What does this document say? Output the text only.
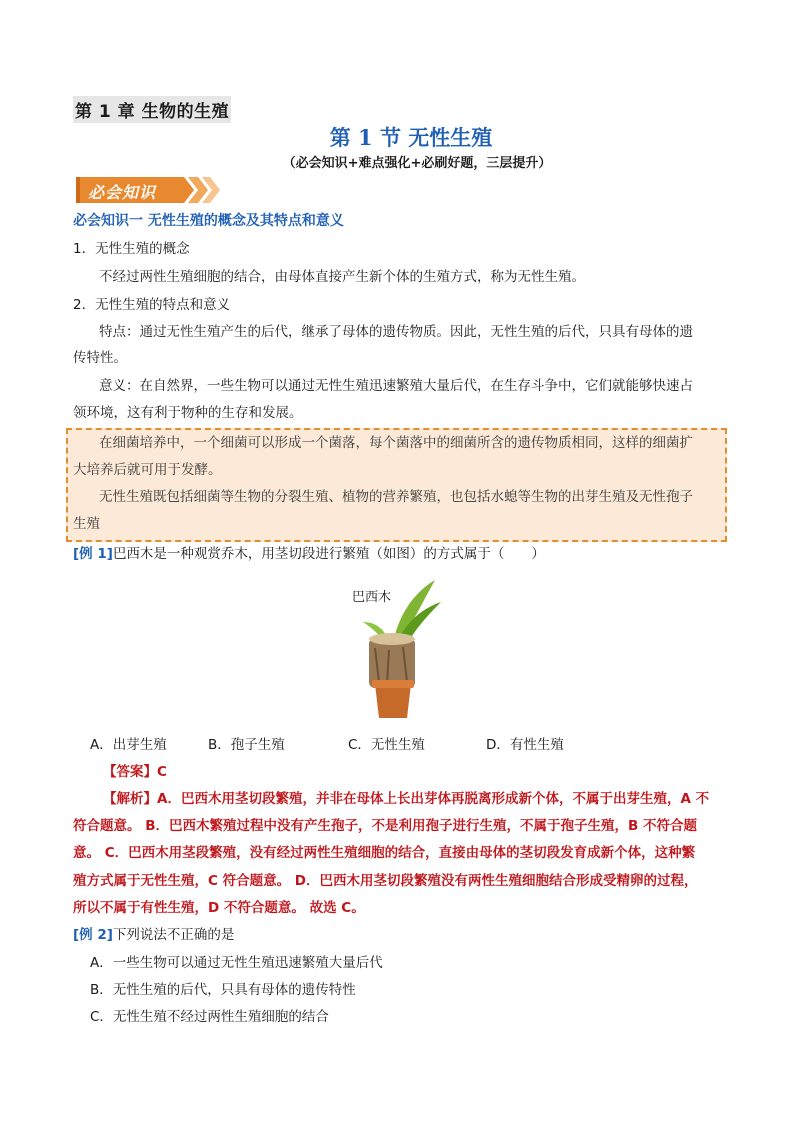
第 1 章 生物的生殖
第 1 节 无性生殖
（必会知识+难点强化+必刷好题，三层提升）
必会知识
必会知识一 无性生殖的概念及其特点和意义
1．无性生殖的概念
不经过两性生殖细胞的结合，由母体直接产生新个体的生殖方式，称为无性生殖。
2．无性生殖的特点和意义
特点：通过无性生殖产生的后代，继承了母体的遗传物质。因此，无性生殖的后代，只具有母体的遗
传特性。
意义：在自然界，一些生物可以通过无性生殖迅速繁殖大量后代，在生存斗争中，它们就能够快速占
领环境，这有利于物种的生存和发展。
在细菌培养中，一个细菌可以形成一个菌落，每个菌落中的细菌所含的遗传物质相同，这样的细菌扩
大培养后就可用于发酵。
无性生殖既包括细菌等生物的分裂生殖、植物的营养繁殖，也包括水螅等生物的出芽生殖及无性孢子
生殖
[例 1]巴西木是一种观赏乔木，用茎切段进行繁殖（如图）的方式属于（　　）
巴西木
A．出芽生殖	B．孢子生殖	C．无性生殖	D．有性生殖
【答案】C
【解析】A．巴西木用茎切段繁殖，并非在母体上长出芽体再脱离形成新个体，不属于出芽生殖，A 不
符合题意。 B．巴西木繁殖过程中没有产生孢子，不是利用孢子进行生殖，不属于孢子生殖，B 不符合题
意。 C．巴西木用茎段繁殖，没有经过两性生殖细胞的结合，直接由母体的茎切段发育成新个体，这种繁
殖方式属于无性生殖，C 符合题意。 D．巴西木用茎切段繁殖没有两性生殖细胞结合形成受精卵的过程，
所以不属于有性生殖，D 不符合题意。 故选 C。
[例 2]下列说法不正确的是
A．一些生物可以通过无性生殖迅速繁殖大量后代
B．无性生殖的后代，只具有母体的遗传特性
C．无性生殖不经过两性生殖细胞的结合
